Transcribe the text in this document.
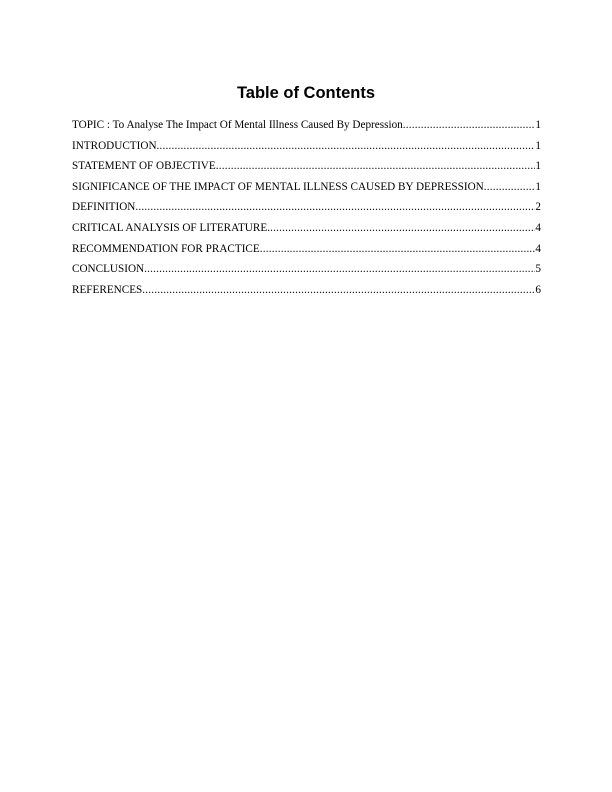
Table of Contents
TOPIC : To Analyse The Impact Of Mental Illness Caused By Depression .....	1
INTRODUCTION .....	1
STATEMENT OF OBJECTIVE .....	1
SIGNIFICANCE OF THE IMPACT OF MENTAL ILLNESS CAUSED BY DEPRESSION .....	1
DEFINITION .....	2
CRITICAL ANALYSIS OF LITERATURE .....	4
RECOMMENDATION FOR PRACTICE .....	4
CONCLUSION .....	5
REFERENCES .....	6
